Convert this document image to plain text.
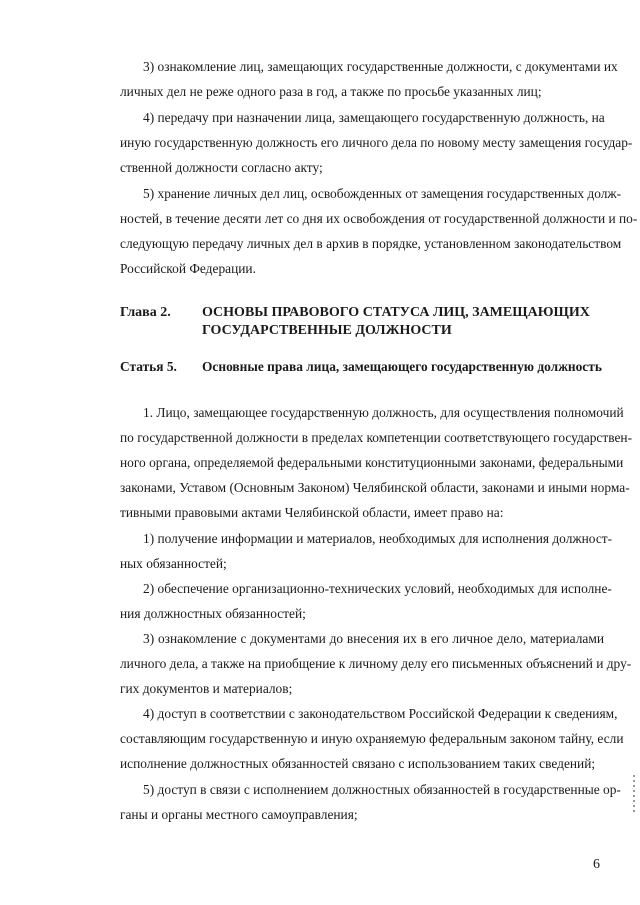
3) ознакомление лиц, замещающих государственные должности, с документами их
личных дел не реже одного раза в год, а также по просьбе указанных лиц;
4) передачу при назначении лица, замещающего государственную должность, на
иную государственную должность его личного дела по новому месту замещения государ-
ственной должности согласно акту;
5) хранение личных дел лиц, освобожденных от замещения государственных долж-
ностей, в течение десяти лет со дня их освобождения от государственной должности и по-
следующую передачу личных дел в архив в порядке, установленном законодательством
Российской Федерации.
Глава 2. ОСНОВЫ ПРАВОВОГО СТАТУСА ЛИЦ, ЗАМЕЩАЮЩИХ
ГОСУДАРСТВЕННЫЕ ДОЛЖНОСТИ
Статья 5. Основные права лица, замещающего государственную должность
1. Лицо, замещающее государственную должность, для осуществления полномочий
по государственной должности в пределах компетенции соответствующего государствен-
ного органа, определяемой федеральными конституционными законами, федеральными
законами, Уставом (Основным Законом) Челябинской области, законами и иными норма-
тивными правовыми актами Челябинской области, имеет право на:
1) получение информации и материалов, необходимых для исполнения должност-
ных обязанностей;
2) обеспечение организационно-технических условий, необходимых для исполне-
ния должностных обязанностей;
3) ознакомление с документами до внесения их в его личное дело, материалами
личного дела, а также на приобщение к личному делу его письменных объяснений и дру-
гих документов и материалов;
4) доступ в соответствии с законодательством Российской Федерации к сведениям,
составляющим государственную и иную охраняемую федеральным законом тайну, если
исполнение должностных обязанностей связано с использованием таких сведений;
5) доступ в связи с исполнением должностных обязанностей в государственные ор-
ганы и органы местного самоуправления;
6
